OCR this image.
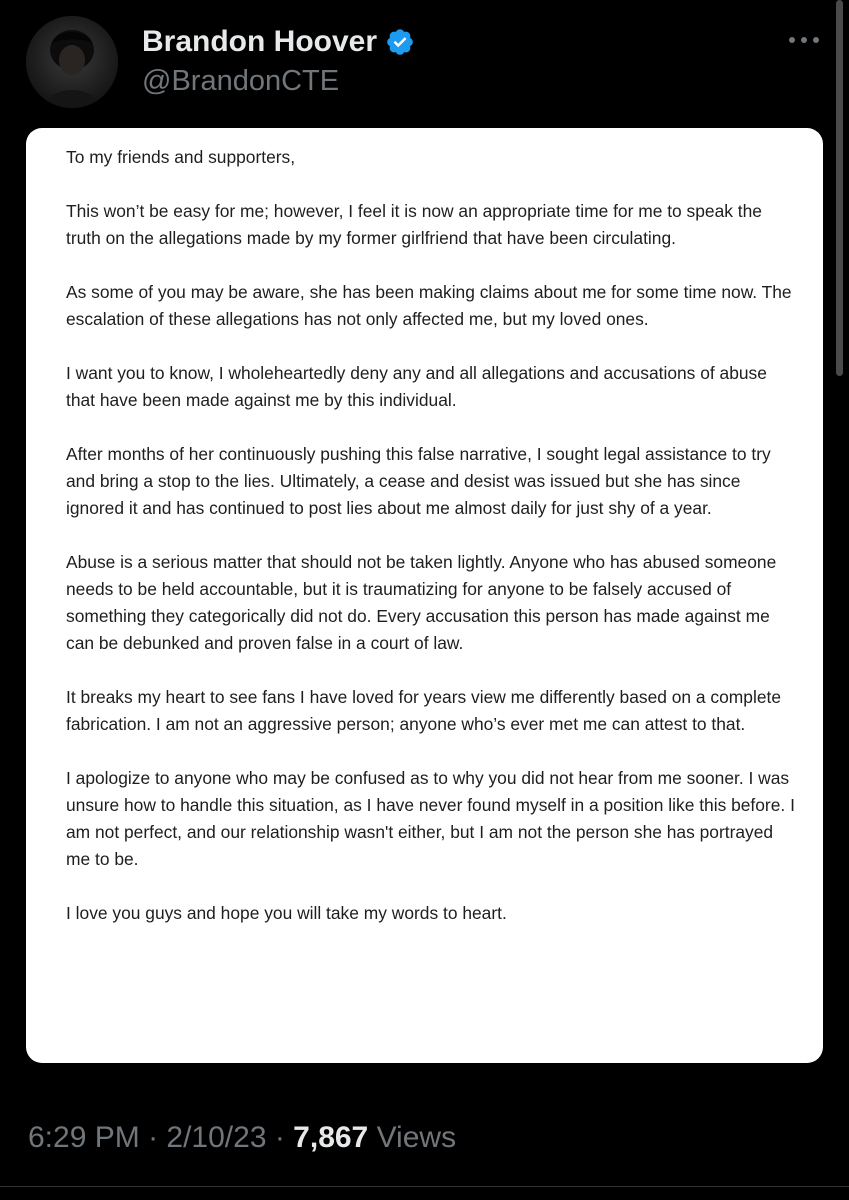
Brandon Hoover
@BrandonCTE

To my friends and supporters,

This won’t be easy for me; however, I feel it is now an appropriate time for me to speak the truth on the allegations made by my former girlfriend that have been circulating.

As some of you may be aware, she has been making claims about me for some time now. The escalation of these allegations has not only affected me, but my loved ones.

I want you to know, I wholeheartedly deny any and all allegations and accusations of abuse that have been made against me by this individual.

After months of her continuously pushing this false narrative, I sought legal assistance to try and bring a stop to the lies. Ultimately, a cease and desist was issued but she has since ignored it and has continued to post lies about me almost daily for just shy of a year.

Abuse is a serious matter that should not be taken lightly. Anyone who has abused someone needs to be held accountable, but it is traumatizing for anyone to be falsely accused of something they categorically did not do. Every accusation this person has made against me can be debunked and proven false in a court of law.

It breaks my heart to see fans I have loved for years view me differently based on a complete fabrication. I am not an aggressive person; anyone who’s ever met me can attest to that.

I apologize to anyone who may be confused as to why you did not hear from me sooner. I was unsure how to handle this situation, as I have never found myself in a position like this before. I am not perfect, and our relationship wasn't either, but I am not the person she has portrayed me to be.

I love you guys and hope you will take my words to heart.

6:29 PM · 2/10/23 · 7,867 Views
